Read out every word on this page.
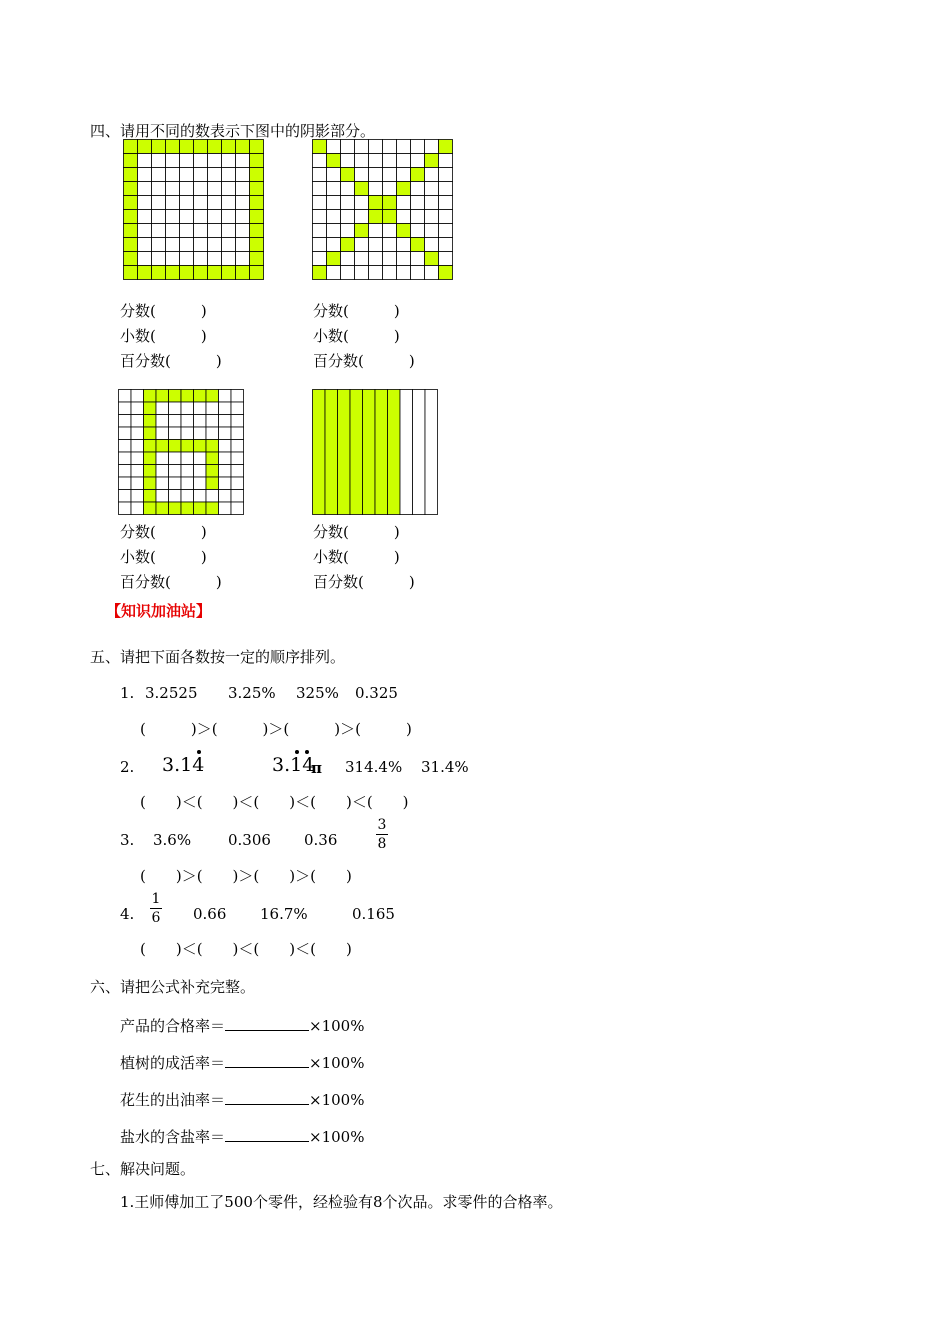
四、请用不同的数表示下图中的阴影部分。
分数(　　　)
小数(　　　)
百分数(　　　)
分数(　　　)
小数(　　　)
百分数(　　　)
分数(　　　)
小数(　　　)
百分数(　　　)
分数(　　　)
小数(　　　)
百分数(　　　)
【知识加油站】
五、请把下面各数按一定的顺序排列。
1. 3.2525 3.25% 325% 0.325
(　　　)＞(　　　)＞(　　　)＞(　　　)
2. 3.14	3.14
π 314.4% 31.4%
(　　)＜(　　)＜(　　)＜(　　)＜(　　)
3. 3.6% 0.306 0.36
3
8
(　　)＞(　　)＞(　　)＞(　　)
4.
1
6 0.66 16.7%	0.165
(　　)＜(　　)＜(　　)＜(　　)
六、请把公式补充完整。
产品的合格率＝	×100%
植树的成活率＝	×100%
花生的出油率＝	×100%
盐水的含盐率＝	×100%
七、解决问题。
1.王师傅加工了500个零件，经检验有8个次品。求零件的合格率。
